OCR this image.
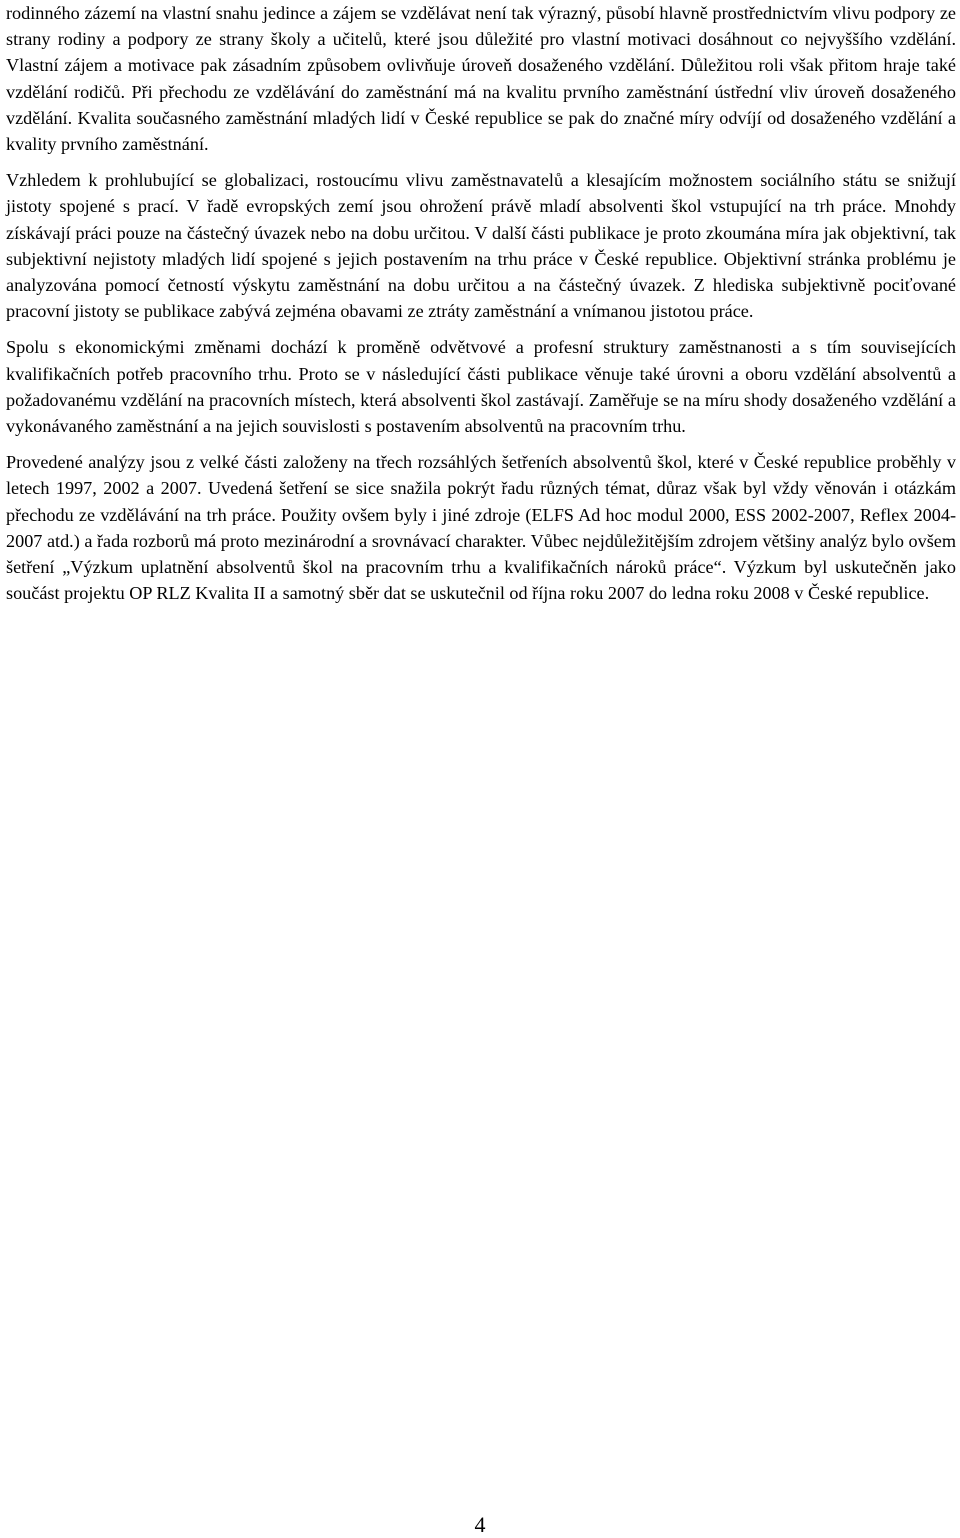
rodinného zázemí na vlastní snahu jedince a zájem se vzdělávat není tak výrazný, působí hlavně prostřednictvím vlivu podpory ze strany rodiny a podpory ze strany školy a učitelů, které jsou důležité pro vlastní motivaci dosáhnout co nejvyššího vzdělání. Vlastní zájem a motivace pak zásadním způsobem ovlivňuje úroveň dosaženého vzdělání. Důležitou roli však přitom hraje také vzdělání rodičů. Při přechodu ze vzdělávání do zaměstnání má na kvalitu prvního zaměstnání ústřední vliv úroveň dosaženého vzdělání. Kvalita současného zaměstnání mladých lidí v České republice se pak do značné míry odvíjí od dosaženého vzdělání a kvality prvního zaměstnání.

Vzhledem k prohlubující se globalizaci, rostoucímu vlivu zaměstnavatelů a klesajícím možnostem sociálního státu se snižují jistoty spojené s prací. V řadě evropských zemí jsou ohrožení právě mladí absolventi škol vstupující na trh práce. Mnohdy získávají práci pouze na částečný úvazek nebo na dobu určitou. V další části publikace je proto zkoumána míra jak objektivní, tak subjektivní nejistoty mladých lidí spojené s jejich postavením na trhu práce v České republice. Objektivní stránka problému je analyzována pomocí četností výskytu zaměstnání na dobu určitou a na částečný úvazek. Z hlediska subjektivně pociťované pracovní jistoty se publikace zabývá zejména obavami ze ztráty zaměstnání a vnímanou jistotou práce.

Spolu s ekonomickými změnami dochází k proměně odvětvové a profesní struktury zaměstnanosti a s tím souvisejících kvalifikačních potřeb pracovního trhu. Proto se v následující části publikace věnuje také úrovni a oboru vzdělání absolventů a požadovanému vzdělání na pracovních místech, která absolventi škol zastávají. Zaměřuje se na míru shody dosaženého vzdělání a vykonávaného zaměstnání a na jejich souvislosti s postavením absolventů na pracovním trhu.

Provedené analýzy jsou z velké části založeny na třech rozsáhlých šetřeních absolventů škol, které v České republice proběhly v letech 1997, 2002 a 2007. Uvedená šetření se sice snažila pokrýt řadu různých témat, důraz však byl vždy věnován i otázkám přechodu ze vzdělávání na trh práce. Použity ovšem byly i jiné zdroje (ELFS Ad hoc modul 2000, ESS 2002-2007, Reflex 2004-2007 atd.) a řada rozborů má proto mezinárodní a srovnávací charakter. Vůbec nejdůležitějším zdrojem většiny analýz bylo ovšem šetření „Výzkum uplatnění absolventů škol na pracovním trhu a kvalifikačních nároků práce“. Výzkum byl uskutečněn jako součást projektu OP RLZ Kvalita II a samotný sběr dat se uskutečnil od října roku 2007 do ledna roku 2008 v České republice.

4
